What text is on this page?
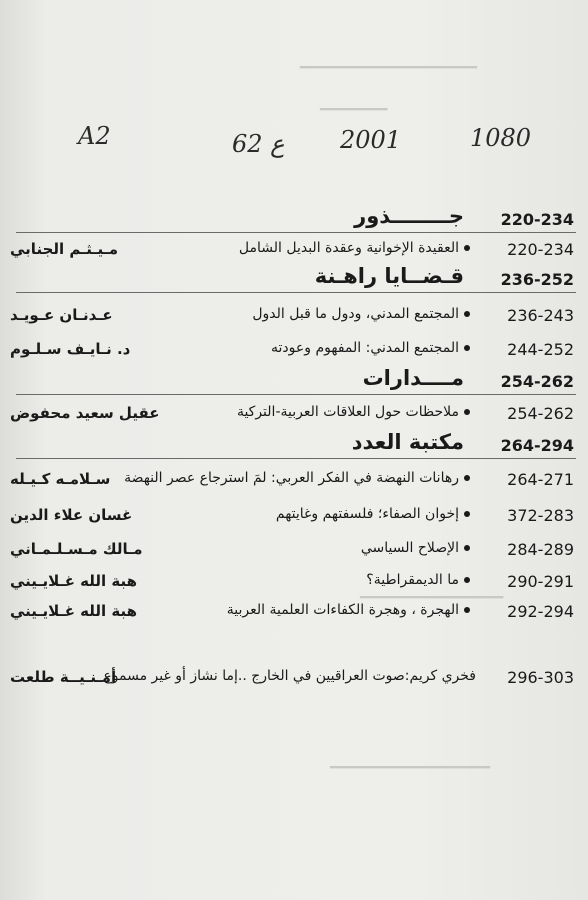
━━━━━━━━━━━━━━━━━━━━━
━━━━━━━━
━━━━━━━━━━━━━━━━━
━━━━━━━━━━━━━━━━━━━
A2	62 ع 2001	1080
220-234
جــــــــذور
220-234
العقيدة الإخوانية وعقدة البديل الشامل
مـيـثـم الجنابي
236-252
قـضــايا راهـنة
236-243
المجتمع المدني، ودول ما قبل الدول
عـدنـان عـويـد
244-252
المجتمع المدني: المفهوم وعودته
د. نـايـف سـلـوم
254-262
مــــدارات
254-262
ملاحظات حول العلاقات العربية-التركية
عقيل سعيد محفوض
264-294
مكتبة العدد
264-271
رهانات النهضة في الفكر العربي: لمَ استرجاع عصر النهضة
سـلامـه كـيـله
372-283
إخوان الصفاء؛ فلسفتهم وغايتهم
غسان علاء الدين
284-289
الإصلاح السياسي
مـالك مـسـلـمـاني
290-291
ما الديمقراطية؟
هبة الله غـلايـيني
292-294
الهجرة ، وهجرة الكفاءات العلمية العربية
هبة الله غـلايـيني
296-303
فخري كريم:صوت العراقيين في الخارج ..إما نشاز أو غير مسموع
أمـنـيــة طلعت
